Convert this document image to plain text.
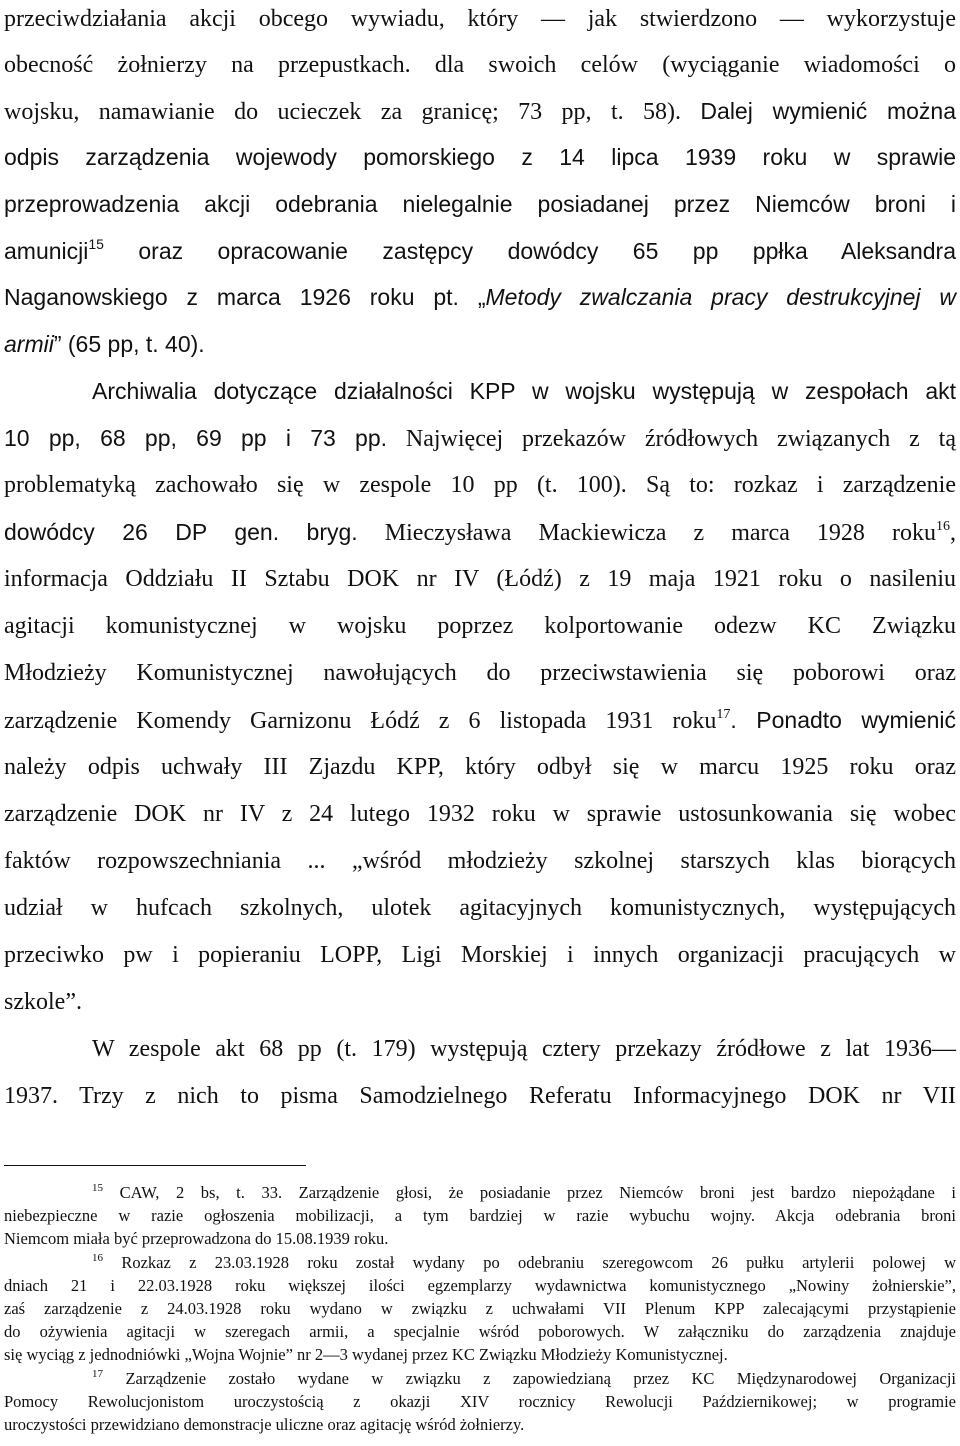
przeciwdziałania akcji obcego wywiadu, który — jak stwierdzono — wykorzystuje
obecność żołnierzy na przepustkach. dla swoich celów (wyciąganie wiadomości o
wojsku, namawianie do ucieczek za granicę; 73 pp, t. 58). Dalej wymienić można
odpis zarządzenia wojewody pomorskiego z 14 lipca 1939 roku w sprawie
przeprowadzenia akcji odebrania nielegalnie posiadanej przez Niemców broni i
amunicji$^{15}$ oraz opracowanie zastępcy dowódcy 65 pp ppłka Aleksandra
Naganowskiego z marca 1926 roku pt. „Metody zwalczania pracy destrukcyjnej w
armii” (65 pp, t. 40).
Archiwalia dotyczące działalności KPP w wojsku występują w zespołach akt
10 pp, 68 pp, 69 pp i 73 pp. Najwięcej przekazów źródłowych związanych z tą
problematyką zachowało się w zespole 10 pp (t. 100). Są to: rozkaz i zarządzenie
dowódcy 26 DP gen. bryg. Mieczysława Mackiewicza z marca 1928 roku$^{16}$,
informacja Oddziału II Sztabu DOK nr IV (Łódź) z 19 maja 1921 roku o nasileniu
agitacji komunistycznej w wojsku poprzez kolportowanie odezw KC Związku
Młodzieży Komunistycznej nawołujących do przeciwstawienia się poborowi oraz
zarządzenie Komendy Garnizonu Łódź z 6 listopada 1931 roku$^{17}$. Ponadto wymienić
należy odpis uchwały III Zjazdu KPP, który odbył się w marcu 1925 roku oraz
zarządzenie DOK nr IV z 24 lutego 1932 roku w sprawie ustosunkowania się wobec
faktów rozpowszechniania ... „wśród młodzieży szkolnej starszych klas biorących
udział w hufcach szkolnych, ulotek agitacyjnych komunistycznych, występujących
przeciwko pw i popieraniu LOPP, Ligi Morskiej i innych organizacji pracujących w
szkole”.
W zespole akt 68 pp (t. 179) występują cztery przekazy źródłowe z lat 1936—
1937. Trzy z nich to pisma Samodzielnego Referatu Informacyjnego DOK nr VII
$^{15}$ CAW, 2 bs, t. 33. Zarządzenie głosi, że posiadanie przez Niemców broni jest bardzo niepożądane i
niebezpieczne w razie ogłoszenia mobilizacji, a tym bardziej w razie wybuchu wojny. Akcja odebrania broni
Niemcom miała być przeprowadzona do 15.08.1939 roku.
$^{16}$ Rozkaz z 23.03.1928 roku został wydany po odebraniu szeregowcom 26 pułku artylerii polowej w
dniach 21 i 22.03.1928 roku większej ilości egzemplarzy wydawnictwa komunistycznego „Nowiny żołnierskie”,
zaś zarządzenie z 24.03.1928 roku wydano w związku z uchwałami VII Plenum KPP zalecającymi przystąpienie
do ożywienia agitacji w szeregach armii, a specjalnie wśród poborowych. W załączniku do zarządzenia znajduje
się wyciąg z jednodniówki „Wojna Wojnie” nr 2—3 wydanej przez KC Związku Młodzieży Komunistycznej.
$^{17}$ Zarządzenie zostało wydane w związku z zapowiedzianą przez KC Międzynarodowej Organizacji
Pomocy Rewolucjonistom uroczystością z okazji XIV rocznicy Rewolucji Październikowej; w programie
uroczystości przewidziano demonstracje uliczne oraz agitację wśród żołnierzy.
